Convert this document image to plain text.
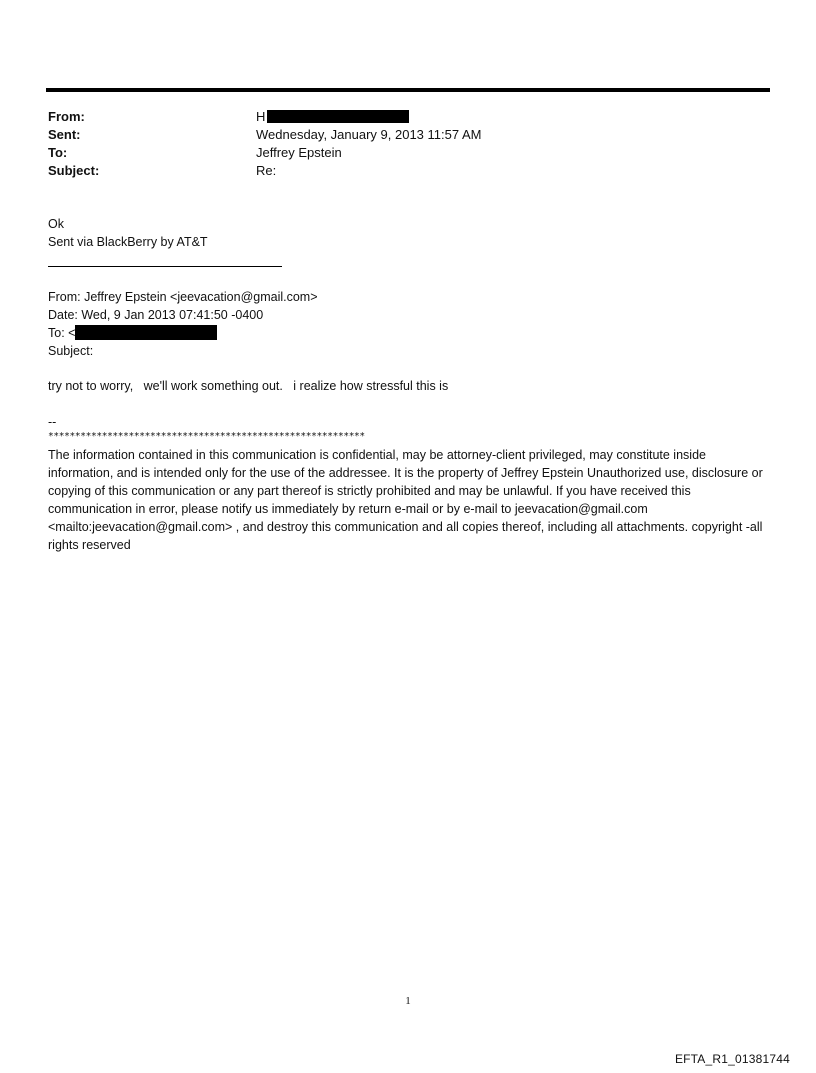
From:	H
Sent:	Wednesday, January 9, 2013 11:57 AM
To:	Jeffrey Epstein
Subject:	Re:
Ok
Sent via BlackBerry by AT&T
From: Jeffrey Epstein <jeevacation@gmail.com>
Date: Wed, 9 Jan 2013 07:41:50 -0400
To: <
Subject:
try not to worry,   we'll work something out.   i realize how stressful this is
--
***********************************************************
The information contained in this communication is confidential, may be attorney-client privileged, may constitute inside information, and is intended only for the use of the addressee. It is the property of Jeffrey Epstein Unauthorized use, disclosure or copying of this communication or any part thereof is strictly prohibited and may be unlawful. If you have received this communication in error, please notify us immediately by return e-mail or by e-mail to jeevacation@gmail.com <mailto:jeevacation@gmail.com> , and destroy this communication and all copies thereof, including all attachments. copyright -all rights reserved
1
EFTA_R1_01381744
